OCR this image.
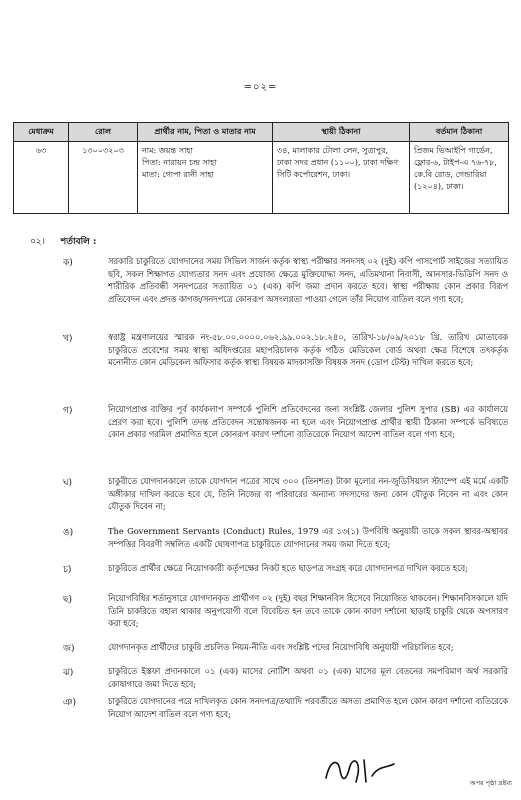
=০২=
মেধাক্রম	রোল	প্রার্থীর নাম, পিতা ও মাতার নাম	স্থায়ী ঠিকানা	বর্তমান ঠিকানা
৬৩	১৩০০৩২০৩	নাম: জয়ন্ত সাহা
পিতা: নারায়ন চন্দ্র সাহা
মাতা: গোপা রানী সাহা	৩৪, মালাকার টোলা লেন, সুত্রাপুর, ঢাকা সদর প্রধান (১১০০), ঢাকা দক্ষিণ সিটি কর্পোরেশন, ঢাকা।	প্রিজম ভিআইপি গার্ডেন, ফ্লোর-৬, টাইপ-এ ৭৬-৭৮, কে.বি রোড, গেন্ডারিয়া (১২০৪), ঢাকা।
০২। শর্তাবলি :
ক)	সরকারি চাকুরিতে যোগদানের সময় সিভিল সার্জন কর্তৃক স্বাস্থ্য পরীক্ষার সনদসহ ০২ (দুই) কপি পাসপোর্ট সাইজের সত্যায়িত ছবি, সকল শিক্ষাগত যোগ্যতার সনদ এবং প্রযোজ্য ক্ষেত্রে মুক্তিযোদ্ধা সনদ, এতিমখানা নিবাসী, আনসার-ভিডিপি সনদ ও শারীরিক প্রতিবন্ধী সনদপত্রের সত্যায়িত ০১ (এক) কপি জমা প্রদান করতে হবে। স্বাস্থ্য পরীক্ষায় কোন প্রকার বিরূপ প্রতিবেদন এবং প্রদত্ত কাগজ/সনদপত্রে কোনরূপ অসংলগ্নতা পাওয়া গেলে তাঁর নিয়োগ বাতিল বলে গণ্য হবে;
খ)	স্বরাষ্ট্র মন্ত্রণালয়ের স্মারক নং-৫৮.০০.০০০০.০৬২.৯৯.০০২.১৮.২৪০, তারিখ-১৮/০৯/২০১৮ খ্রি. তারিখ মোতাবেক চাকুরিতে প্রবেশের সময় স্বাস্থ্য অধিদপ্তরের মহাপরিচালক কর্তৃক গঠিত মেডিকেল বোর্ড অথবা ক্ষেত্র বিশেষে তৎকর্তৃক মনোনীত কোন মেডিকেল অফিসার কর্তৃক স্বাস্থ্য বিষয়ক মাদকাসক্তি বিষয়ক সনদ (ডোপ টেস্ট) দাখিল করতে হবে;
গ)	নিয়োগপ্রাপ্ত ব্যক্তির পূর্ব কার্যকলাপ সম্পর্কে পুলিশি প্রতিবেদনের জন্য সংশ্লিষ্ট জেলার পুলিশ সুপার (SB) এর কার্যালয়ে প্রেরণ করা হবে। পুলিশি তদন্ত প্রতিবেদন সন্তোষজনক না হলে এবং নিয়োগপ্রাপ্ত প্রার্থীর স্থায়ী ঠিকানা সম্পর্কে ভবিষ্যতে কোন প্রকার গরমিল প্রমাণিত হলে কোনরূপ কারণ দর্শানো ব্যতিরেকে নিয়োগ আদেশ বাতিল বলে গণ্য হবে;
ঘ)	চাকুরীতে যোগদানকালে তাকে যোগদান পত্রের সাথে ৩০০ (তিনশত) টাকা মূল্যের নন-জুডিসিয়াল স্ট্যাম্পে এই মর্মে একটি অঙ্গীকার দাখিল করতে হবে যে, তিনি নিজের বা পরিবারের অন্যান্য সদস্যদের জন্য কোন যৌতুক নিবেন না এবং কোন যৌতুক দিবেন না;
ঙ)	The Government Servants (Conduct) Rules, 1979 এর ১৩(১) উপবিধি অনুযায়ী তাকে সকল স্থাবর-অস্থাবর সম্পত্তির বিবরণী সম্বলিত একটি ঘোষণাপত্র চাকুরিতে যোগদানের সময় জমা দিতে হবে;
চ)	চাকুরিতে প্রার্থীর ক্ষেত্রে নিয়োগকারী কর্তৃপক্ষের নিকট হতে ছাড়পত্র সংগ্রহ করে যোগদানপত্র দাখিল করতে হবে;
ছ)	নিয়োগবিধির শর্তানুসারে যোগদানকৃত প্রার্থীগণ ০২ (দুই) বছর শিক্ষানবিস হিসেবে নিয়োজিত থাকবেন। শিক্ষানবিসকালে যদি তিনি চাকরিতে বহাল থাকার অনুপযোগী বলে বিবেচিত হন তবে তাকে কোন কারণ দর্শানো ছাড়াই চাকুরি থেকে অপসারণ করা হবে;
জ)	যোগদানকৃত প্রার্থীদের চাকুরি প্রচলিত নিয়ম-নীতি এবং সংশ্লিষ্ট পদের নিয়োগবিধি অনুযায়ী পরিচালিত হবে;
ঝ)	চাকুরিতে ইস্তফা প্রদানকালে ০১ (এক) মাসের নোটিশ অথবা ০১ (এক) মাসের মূল বেতনের সমপরিমাণ অর্থ সরকারি কোষাগারে জমা দিতে হবে;
ঞ)	চাকুরিতে যোগদানের পরে দাখিলকৃত কোন সনদপত্র/তথ্যাদি পরবর্তীতে অসত্য প্রমাণিত হলে কোন কারণ দর্শানো ব্যতিরেকে নিয়োগ আদেশ বাতিল বলে গণ্য হবে;
অপর পৃষ্ঠা দ্রষ্টব্য
